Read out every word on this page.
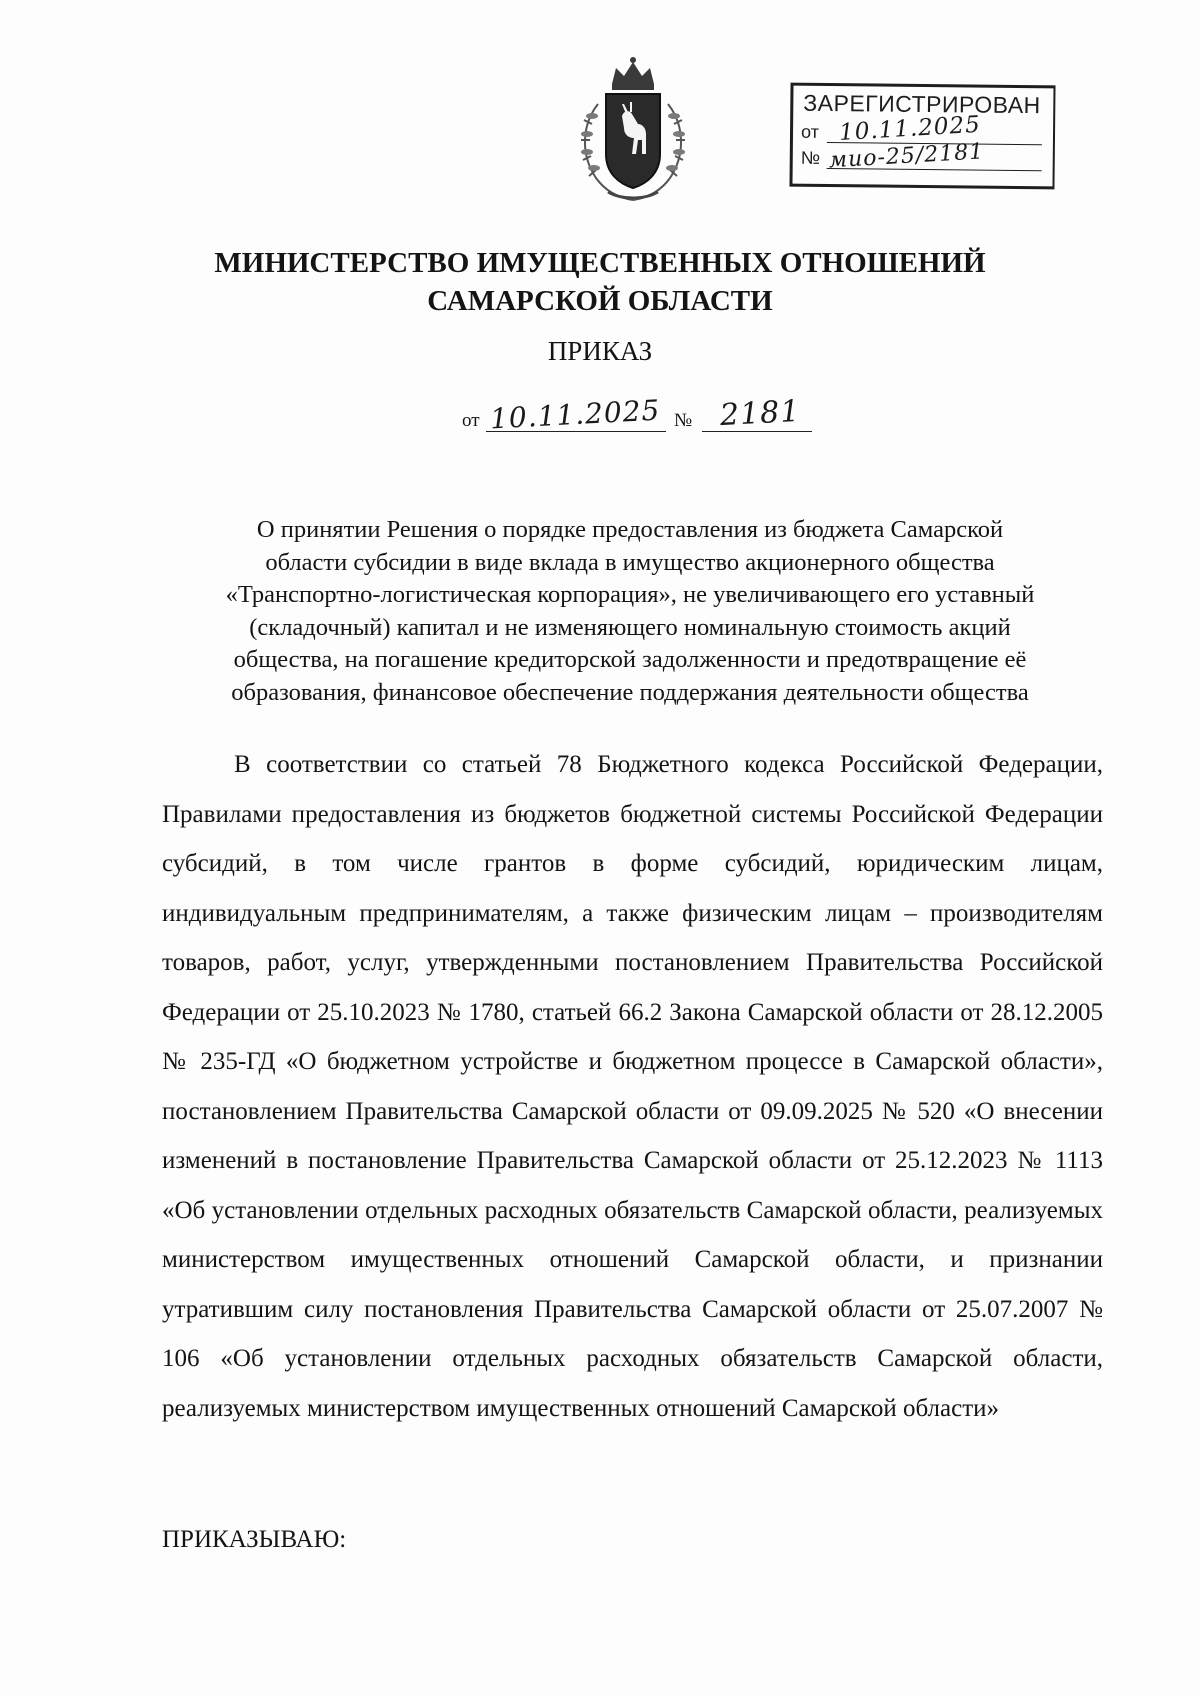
ЗАРЕГИСТРИРОВАН
от 10.11.2025
№ мио-25/2181
МИНИСТЕРСТВО ИМУЩЕСТВЕННЫХ ОТНОШЕНИЙ
САМАРСКОЙ ОБЛАСТИ
ПРИКАЗ
от 10.11.2025 № 2181
О принятии Решения о порядке предоставления из бюджета Самарской
области субсидии в виде вклада в имущество акционерного общества
«Транспортно-логистическая корпорация», не увеличивающего его уставный
(складочный) капитал и не изменяющего номинальную стоимость акций
общества, на погашение кредиторской задолженности и предотвращение её
образования, финансовое обеспечение поддержания деятельности общества

В соответствии со статьей 78 Бюджетного кодекса Российской Федерации, Правилами предоставления из бюджетов бюджетной системы Российской Федерации субсидий, в том числе грантов в форме субсидий, юридическим лицам, индивидуальным предпринимателям, а также физическим лицам – производителям товаров, работ, услуг, утвержденными постановлением Правительства Российской Федерации от 25.10.2023 № 1780, статьей 66.2 Закона Самарской области от 28.12.2005 № 235-ГД «О бюджетном устройстве и бюджетном процессе в Самарской области», постановлением Правительства Самарской области от 09.09.2025 № 520 «О внесении изменений в постановление Правительства Самарской области от 25.12.2023 № 1113 «Об установлении отдельных расходных обязательств Самарской области, реализуемых министерством имущественных отношений Самарской области, и признании утратившим силу постановления Правительства Самарской области от 25.07.2007 № 106 «Об установлении отдельных расходных обязательств Самарской области, реализуемых министерством имущественных отношений Самарской области»

ПРИКАЗЫВАЮ:
